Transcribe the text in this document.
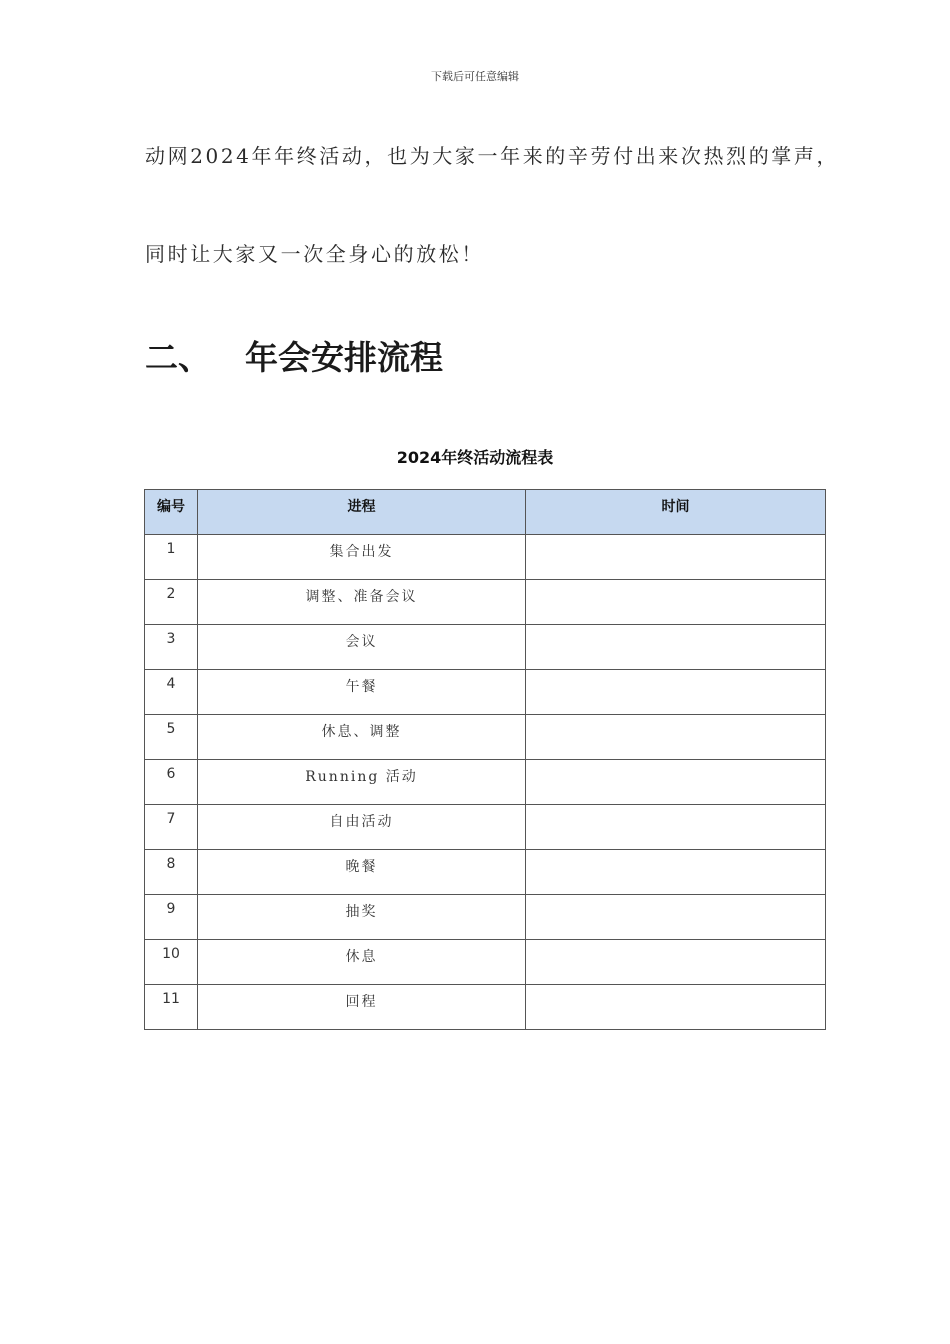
下载后可任意编辑
动网2024年年终活动，也为大家一年来的辛劳付出来次热烈的掌声，
同时让大家又一次全身心的放松！
二、 年会安排流程
2024年终活动流程表
编号	进程	时间
1	集合出发	
2	调整、准备会议	
3	会议	
4	午餐	
5	休息、调整	
6	Running 活动	
7	自由活动	
8	晚餐	
9	抽奖	
10	休息	
11	回程	
